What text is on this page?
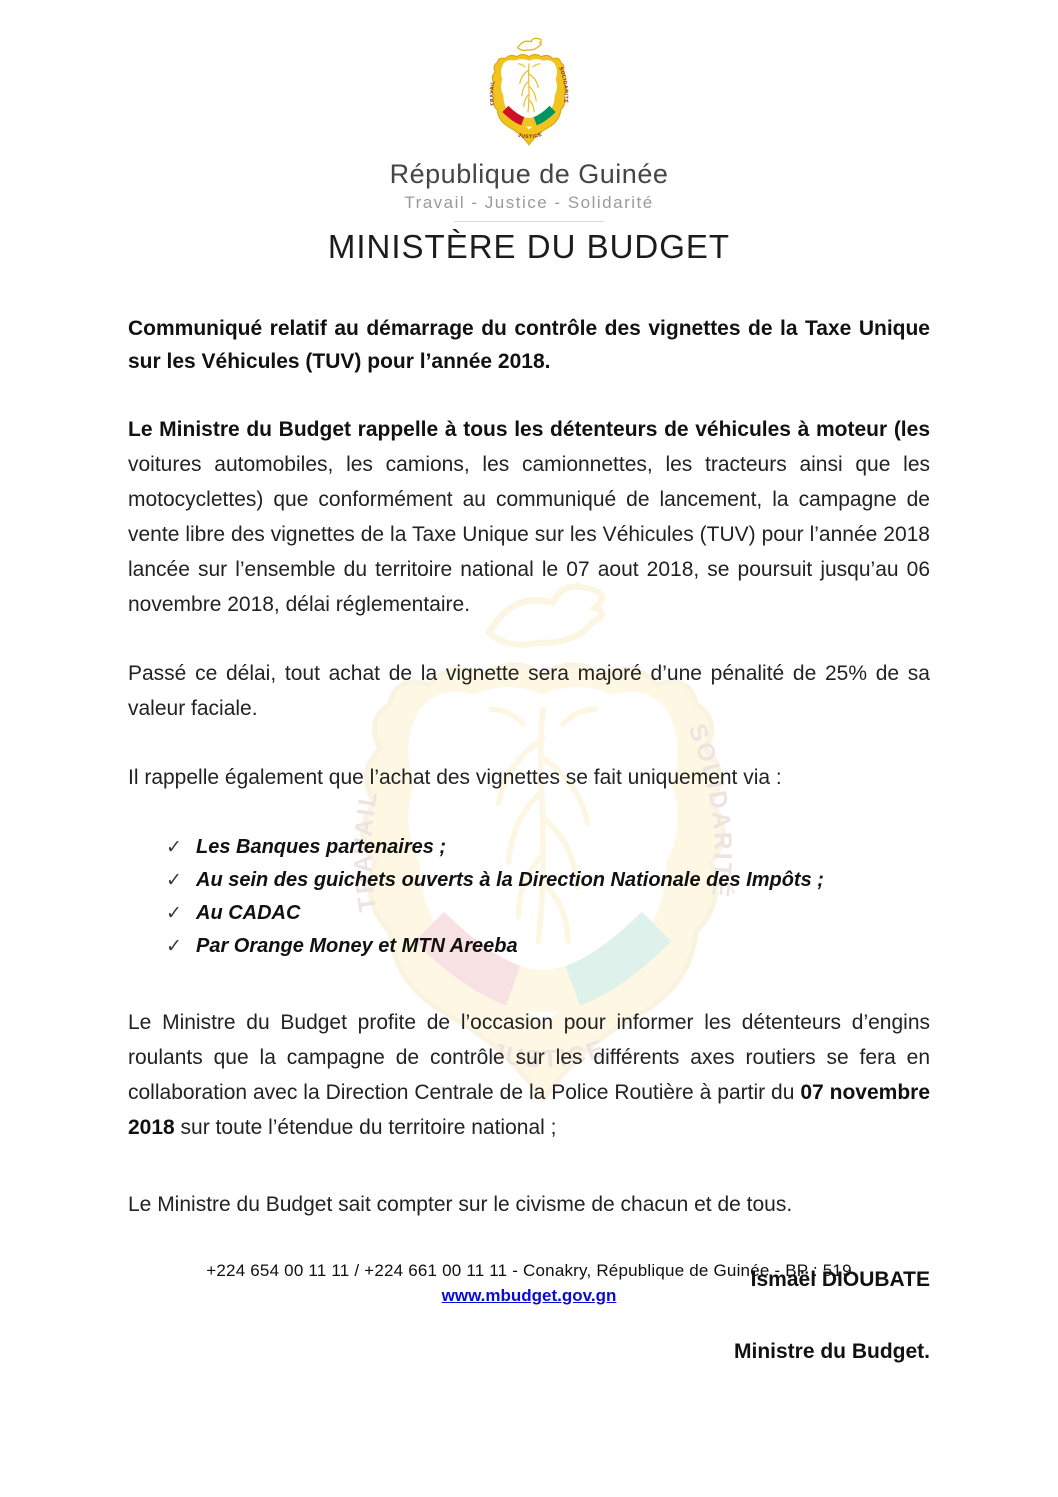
République de Guinée
Travail - Justice - Solidarité
MINISTÈRE DU BUDGET
Communiqué relatif au démarrage du contrôle des vignettes de la Taxe Unique sur les Véhicules (TUV) pour l’année 2018.

Le Ministre du Budget rappelle à tous les détenteurs de véhicules à moteur (les voitures automobiles, les camions, les camionnettes, les tracteurs ainsi que les motocyclettes) que conformément au communiqué de lancement, la campagne de vente libre des vignettes de la Taxe Unique sur les Véhicules (TUV) pour l’année 2018 lancée sur l’ensemble du territoire national le 07 aout 2018, se poursuit jusqu’au 06 novembre 2018, délai réglementaire.

Passé ce délai, tout achat de la vignette sera majoré d’une pénalité de 25% de sa valeur faciale.

Il rappelle également que l’achat des vignettes se fait uniquement via :

✓ Les Banques partenaires ;
✓ Au sein des guichets ouverts à la Direction Nationale des Impôts ;
✓ Au CADAC
✓ Par Orange Money et MTN Areeba

Le Ministre du Budget profite de l’occasion pour informer les détenteurs d’engins roulants que la campagne de contrôle sur les différents axes routiers se fera en collaboration avec la Direction Centrale de la Police Routière à partir du 07 novembre 2018 sur toute l’étendue du territoire national ;

Le Ministre du Budget sait compter sur le civisme de chacun et de tous.

Ismaël DIOUBATE
Ministre du Budget.
+224 654 00 11 11 / +224 661 00 11 11 - Conakry, République de Guinée - BP : 519
www.mbudget.gov.gn
